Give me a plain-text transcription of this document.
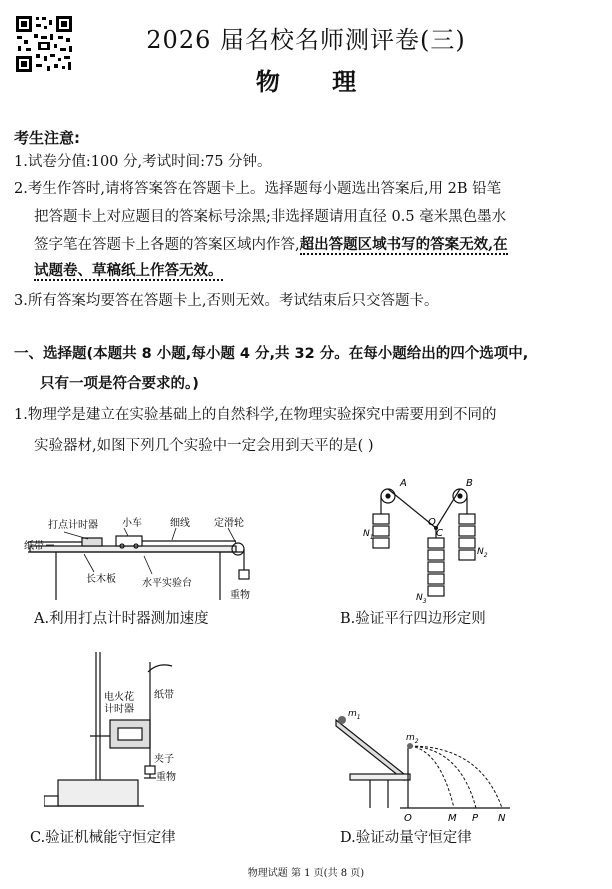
2026 届名校名师测评卷(三)
物 理
考生注意:
1.试卷分值:100 分,考试时间:75 分钟。
2.考生作答时,请将答案答在答题卡上。选择题每小题选出答案后,用 2B 铅笔
把答题卡上对应题目的答案标号涂黑;非选择题请用直径 0.5 毫米黑色墨水
签字笔在答题卡上各题的答案区域内作答,超出答题区域书写的答案无效,在
试题卷、草稿纸上作答无效。
3.所有答案均要答在答题卡上,否则无效。考试结束后只交答题卡。
一、选择题(本题共 8 小题,每小题 4 分,共 32 分。在每小题给出的四个选项中,
只有一项是符合要求的。)
1.物理学是建立在实验基础上的自然科学,在物理实验探究中需要用到不同的
实验器材,如图下列几个实验中一定会用到天平的是( )
打点计时器 小车	细线 定滑轮
纸带
长木板	水平实验台
重物
A.利用打点计时器测加速度
A	B
O
C
$N_1$
$N_2$
$N_3$
B.验证平行四边形定则
电火花
计时器
纸带
夹子
重物
C.验证机械能守恒定律
$m_1$
$m_2$
O	M P N
D.验证动量守恒定律
物理试题 第 1 页(共 8 页)
